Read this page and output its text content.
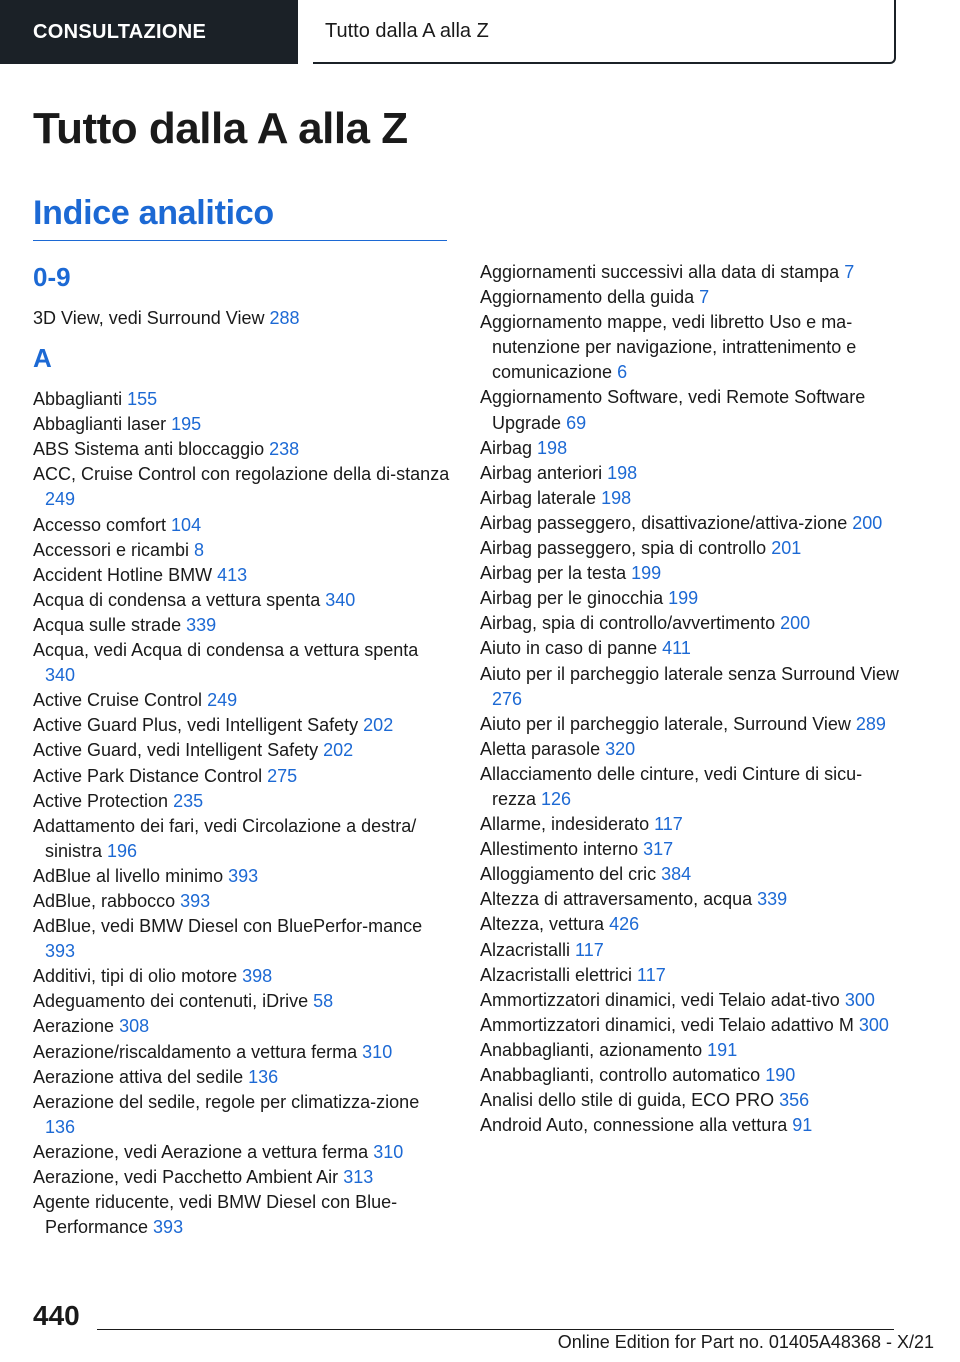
CONSULTAZIONE	Tutto dalla A alla Z
Tutto dalla A alla Z
Indice analitico
0-9
3D View, vedi Surround View 288
A
Abbaglianti 155
Abbaglianti laser 195
ABS Sistema anti bloccaggio 238
ACC, Cruise Control con regolazione della di-stanza 249
Accesso comfort 104
Accessori e ricambi 8
Accident Hotline BMW 413
Acqua di condensa a vettura spenta 340
Acqua sulle strade 339
Acqua, vedi Acqua di condensa a vettura spenta 340
Active Cruise Control 249
Active Guard Plus, vedi Intelligent Safety 202
Active Guard, vedi Intelligent Safety 202
Active Park Distance Control 275
Active Protection 235
Adattamento dei fari, vedi Circolazione a destra/ sinistra 196
AdBlue al livello minimo 393
AdBlue, rabbocco 393
AdBlue, vedi BMW Diesel con BluePerfor-mance 393
Additivi, tipi di olio motore 398
Adeguamento dei contenuti, iDrive 58
Aerazione 308
Aerazione/riscaldamento a vettura ferma 310
Aerazione attiva del sedile 136
Aerazione del sedile, regole per climatizza-zione 136
Aerazione, vedi Aerazione a vettura ferma 310
Aerazione, vedi Pacchetto Ambient Air 313
Agente riducente, vedi BMW Diesel con Blue-Performance 393
Aggiornamenti successivi alla data di stampa 7
Aggiornamento della guida 7
Aggiornamento mappe, vedi libretto Uso e ma-nutenzione per navigazione, intrattenimento e comunicazione 6
Aggiornamento Software, vedi Remote Software Upgrade 69
Airbag 198
Airbag anteriori 198
Airbag laterale 198
Airbag passeggero, disattivazione/attiva-zione 200
Airbag passeggero, spia di controllo 201
Airbag per la testa 199
Airbag per le ginocchia 199
Airbag, spia di controllo/avvertimento 200
Aiuto in caso di panne 411
Aiuto per il parcheggio laterale senza Surround View 276
Aiuto per il parcheggio laterale, Surround View 289
Aletta parasole 320
Allacciamento delle cinture, vedi Cinture di sicu-rezza 126
Allarme, indesiderato 117
Allestimento interno 317
Alloggiamento del cric 384
Altezza di attraversamento, acqua 339
Altezza, vettura 426
Alzacristalli 117
Alzacristalli elettrici 117
Ammortizzatori dinamici, vedi Telaio adat-tivo 300
Ammortizzatori dinamici, vedi Telaio adattivo M 300
Anabbaglianti, azionamento 191
Anabbaglianti, controllo automatico 190
Analisi dello stile di guida, ECO PRO 356
Android Auto, connessione alla vettura 91
440
Online Edition for Part no. 01405A48368 - X/21
